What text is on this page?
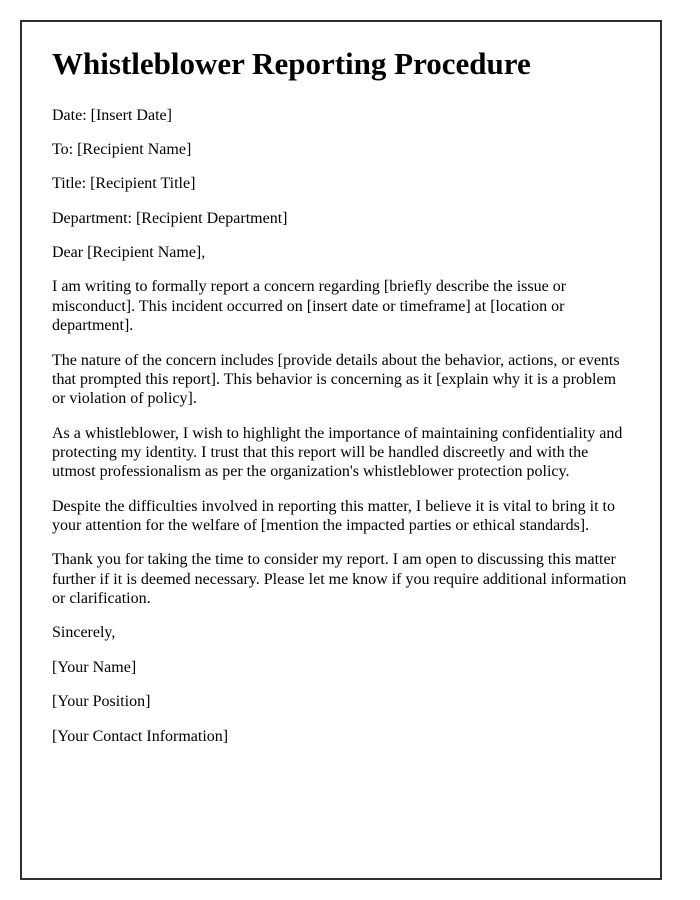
Whistleblower Reporting Procedure

Date: [Insert Date]

To: [Recipient Name]

Title: [Recipient Title]

Department: [Recipient Department]

Dear [Recipient Name],

I am writing to formally report a concern regarding [briefly describe the issue or misconduct]. This incident occurred on [insert date or timeframe] at [location or department].

The nature of the concern includes [provide details about the behavior, actions, or events that prompted this report]. This behavior is concerning as it [explain why it is a problem or violation of policy].

As a whistleblower, I wish to highlight the importance of maintaining confidentiality and protecting my identity. I trust that this report will be handled discreetly and with the utmost professionalism as per the organization's whistleblower protection policy.

Despite the difficulties involved in reporting this matter, I believe it is vital to bring it to your attention for the welfare of [mention the impacted parties or ethical standards].

Thank you for taking the time to consider my report. I am open to discussing this matter further if it is deemed necessary. Please let me know if you require additional information or clarification.

Sincerely,

[Your Name]

[Your Position]

[Your Contact Information]
